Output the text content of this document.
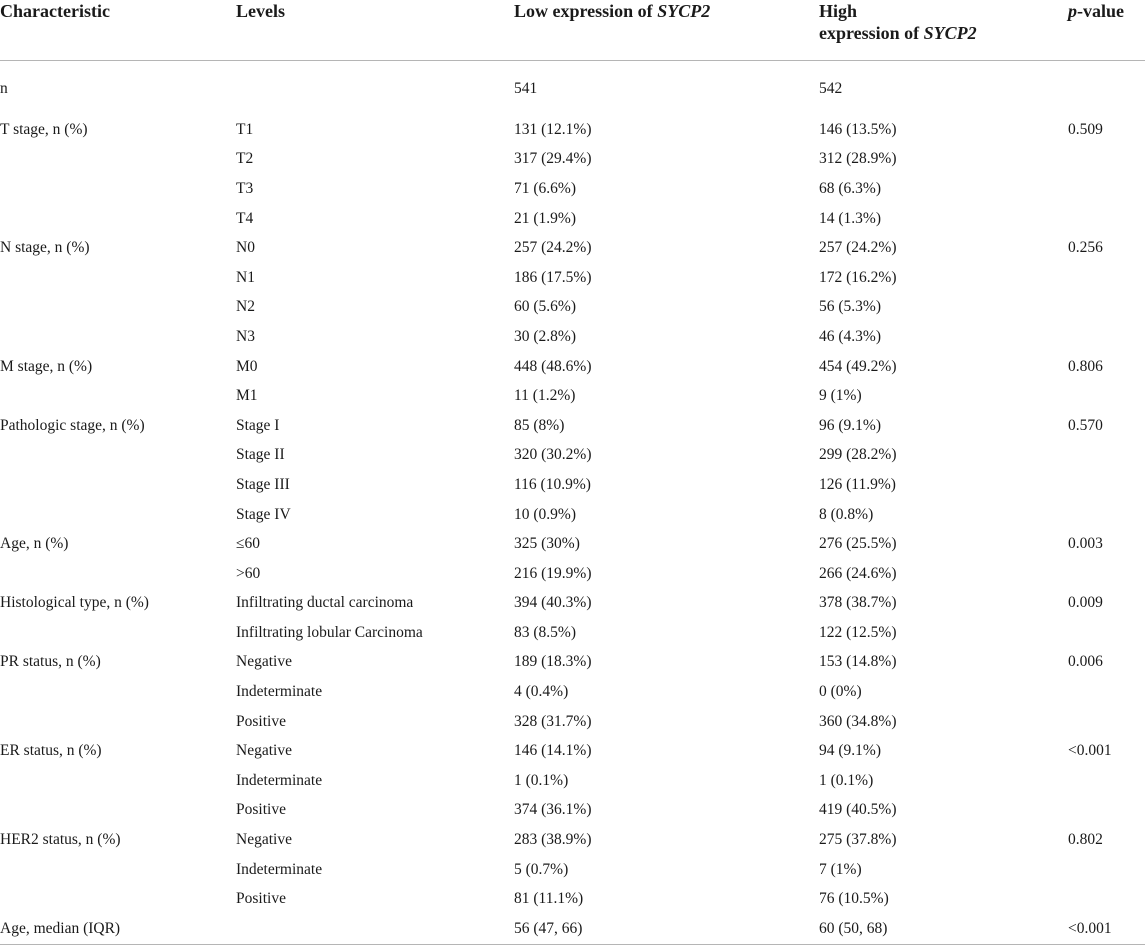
Characteristic	Levels	Low expression of SYCP2	High
expression of SYCP2	p-value

n		541	542	
T stage, n (%)	T1	131 (12.1%)	146 (13.5%)	0.509
	T2	317 (29.4%)	312 (28.9%)	
	T3	71 (6.6%)	68 (6.3%)	
	T4	21 (1.9%)	14 (1.3%)	
N stage, n (%)	N0	257 (24.2%)	257 (24.2%)	0.256
	N1	186 (17.5%)	172 (16.2%)	
	N2	60 (5.6%)	56 (5.3%)	
	N3	30 (2.8%)	46 (4.3%)	
M stage, n (%)	M0	448 (48.6%)	454 (49.2%)	0.806
	M1	11 (1.2%)	9 (1%)	
Pathologic stage, n (%)	Stage I	85 (8%)	96 (9.1%)	0.570
	Stage II	320 (30.2%)	299 (28.2%)	
	Stage III	116 (10.9%)	126 (11.9%)	
	Stage IV	10 (0.9%)	8 (0.8%)	
Age, n (%)	≤60	325 (30%)	276 (25.5%)	0.003
	>60	216 (19.9%)	266 (24.6%)	
Histological type, n (%)	Infiltrating ductal carcinoma	394 (40.3%)	378 (38.7%)	0.009
	Infiltrating lobular Carcinoma	83 (8.5%)	122 (12.5%)	
PR status, n (%)	Negative	189 (18.3%)	153 (14.8%)	0.006
	Indeterminate	4 (0.4%)	0 (0%)	
	Positive	328 (31.7%)	360 (34.8%)	
ER status, n (%)	Negative	146 (14.1%)	94 (9.1%)	<0.001
	Indeterminate	1 (0.1%)	1 (0.1%)	
	Positive	374 (36.1%)	419 (40.5%)	
HER2 status, n (%)	Negative	283 (38.9%)	275 (37.8%)	0.802
	Indeterminate	5 (0.7%)	7 (1%)	
	Positive	81 (11.1%)	76 (10.5%)	
Age, median (IQR)		56 (47, 66)	60 (50, 68)	<0.001
